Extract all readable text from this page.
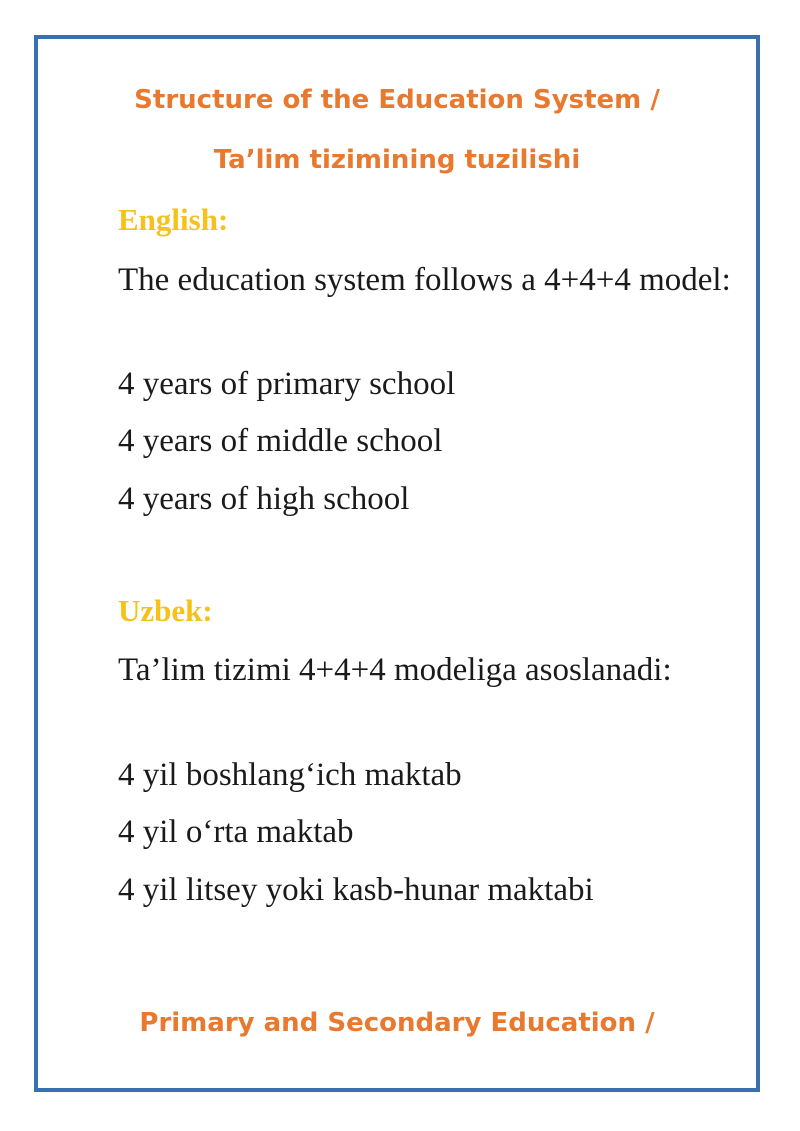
Structure of the Education System /
Ta’lim tizimining tuzilishi
English:
The education system follows a 4+4+4 model:
4 years of primary school
4 years of middle school
4 years of high school
Uzbek:
Ta’lim tizimi 4+4+4 modeliga asoslanadi:
4 yil boshlang‘ich maktab
4 yil o‘rta maktab
4 yil litsey yoki kasb-hunar maktabi
Primary and Secondary Education /
